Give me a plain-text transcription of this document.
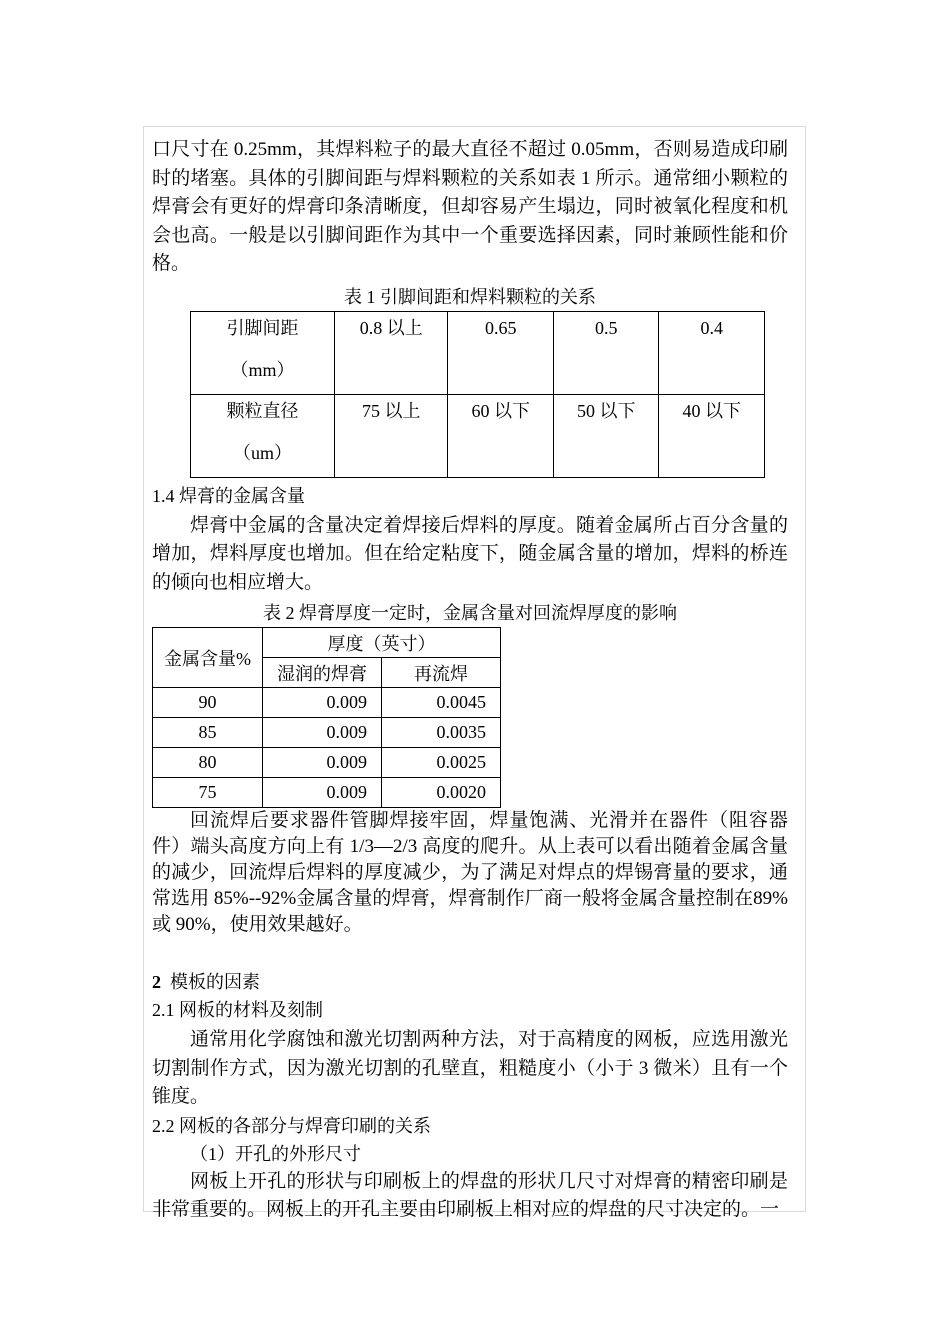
口尺寸在 0.25mm，其焊料粒子的最大直径不超过 0.05mm，否则易造成印刷时的堵塞。具体的引脚间距与焊料颗粒的关系如表 1 所示。通常细小颗粒的焊膏会有更好的焊膏印条清晰度，但却容易产生塌边，同时被氧化程度和机会也高。一般是以引脚间距作为其中一个重要选择因素，同时兼顾性能和价格。

表 1 引脚间距和焊料颗粒的关系

引脚间距
（mm）	0.8 以上	0.65	0.5	0.4

颗粒直径
（um）	75 以上	60 以下	50 以下	40 以下

1.4 焊膏的金属含量

焊膏中金属的含量决定着焊接后焊料的厚度。随着金属所占百分含量的增加，焊料厚度也增加。但在给定粘度下，随金属含量的增加，焊料的桥连的倾向也相应增大。

表 2 焊膏厚度一定时，金属含量对回流焊厚度的影响

金属含量%	厚度（英寸）	
	湿润的焊膏	再流焊
90	0.009	0.0045
85	0.009	0.0035
80	0.009	0.0025
75	0.009	0.0020

回流焊后要求器件管脚焊接牢固，焊量饱满、光滑并在器件（阻容器件）端头高度方向上有 1/3—2/3 高度的爬升。从上表可以看出随着金属含量的减少，回流焊后焊料的厚度减少，为了满足对焊点的焊锡膏量的要求，通常选用 85%--92%金属含量的焊膏，焊膏制作厂商一般将金属含量控制在89%或 90%，使用效果越好。

2 模板的因素

2.1 网板的材料及刻制

通常用化学腐蚀和激光切割两种方法，对于高精度的网板，应选用激光切割制作方式，因为激光切割的孔壁直，粗糙度小（小于 3 微米）且有一个锥度。

2.2 网板的各部分与焊膏印刷的关系

（1）开孔的外形尺寸

网板上开孔的形状与印刷板上的焊盘的形状几尺寸对焊膏的精密印刷是非常重要的。网板上的开孔主要由印刷板上相对应的焊盘的尺寸决定的。一
